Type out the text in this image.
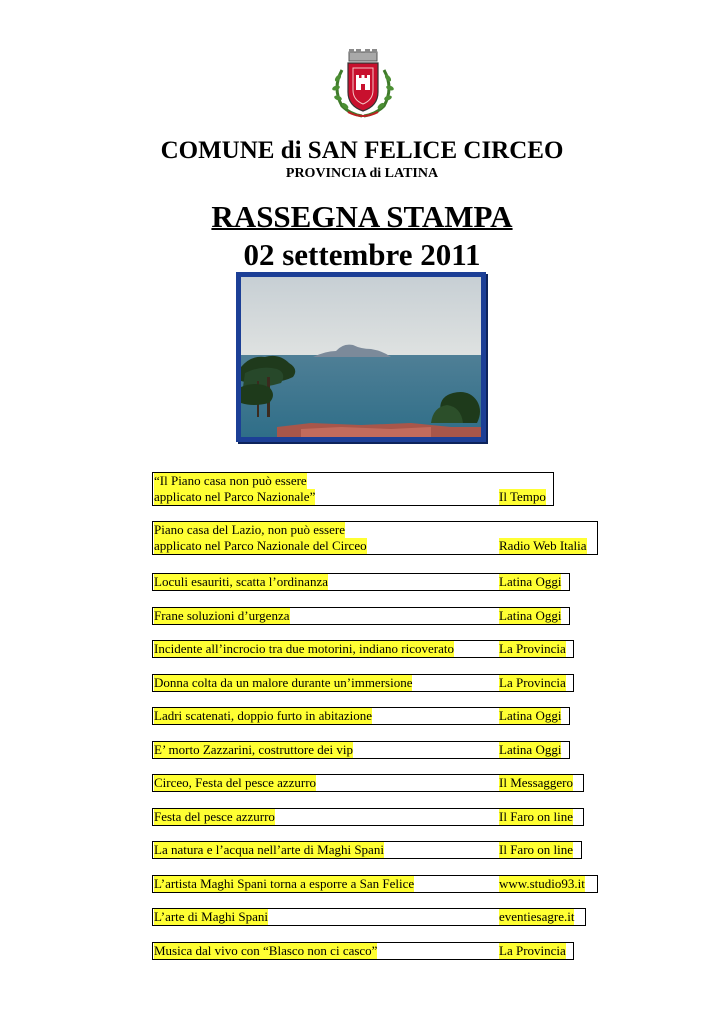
COMUNE di SAN FELICE CIRCEO
PROVINCIA di LATINA
RASSEGNA STAMPA
02 settembre 2011
“Il Piano casa non può essere
applicato nel Parco Nazionale”	Il Tempo
Piano casa del Lazio, non può essere
applicato nel Parco Nazionale del Circeo	Radio Web Italia
Loculi esauriti, scatta l’ordinanza	Latina Oggi
Frane soluzioni d’urgenza	Latina Oggi
Incidente all’incrocio tra due motorini, indiano ricoverato	La Provincia
Donna colta da un malore durante un’immersione	La Provincia
Ladri scatenati, doppio furto in abitazione	Latina Oggi
E’ morto Zazzarini, costruttore dei vip	Latina Oggi
Circeo, Festa del pesce azzurro	Il Messaggero
Festa del pesce azzurro	Il Faro on line
La natura e l’acqua nell’arte di Maghi Spani	Il Faro on line
L’artista Maghi Spani torna a esporre a San Felice	www.studio93.it
L’arte di Maghi Spani	eventiesagre.it
Musica dal vivo con “Blasco non ci casco”	La Provincia
